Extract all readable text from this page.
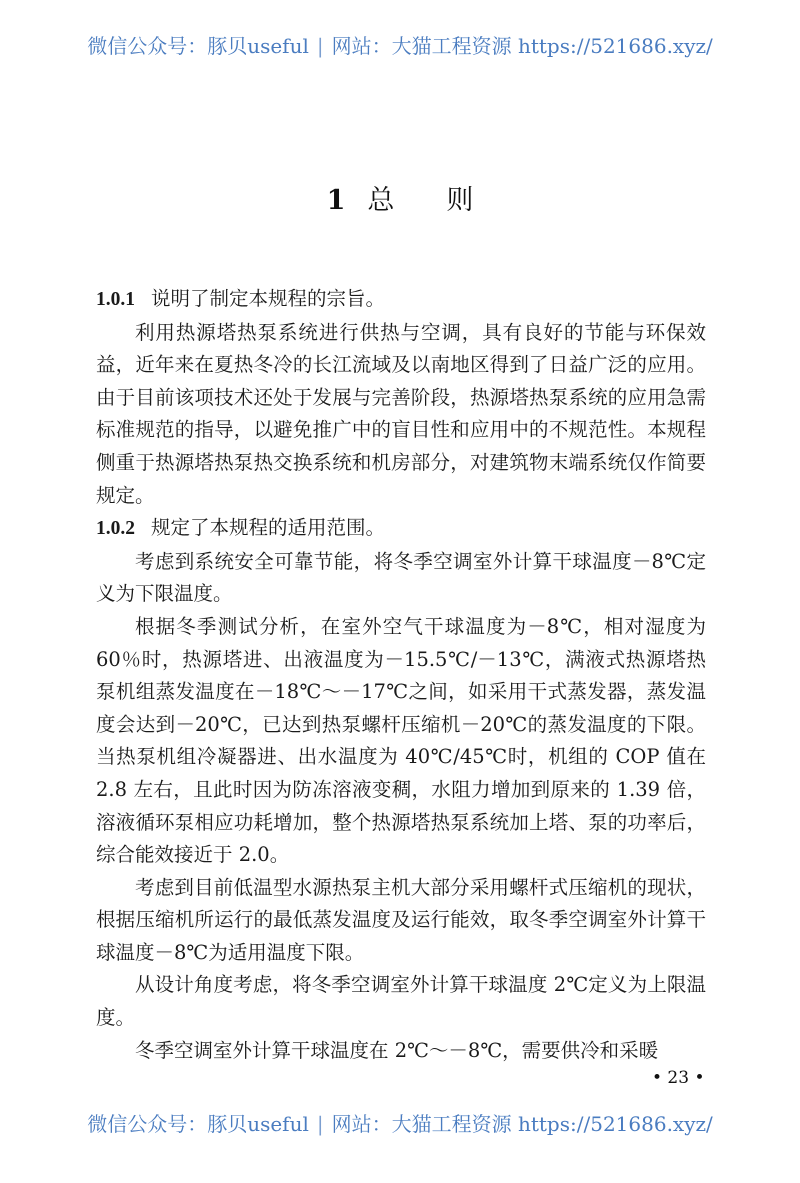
微信公众号：豚贝useful | 网站：大猫工程资源 https://521686.xyz/
1 总 则

1.0.1 说明了制定本规程的宗旨。

利用热源塔热泵系统进行供热与空调，具有良好的节能与环保效益，近年来在夏热冬冷的长江流域及以南地区得到了日益广泛的应用。由于目前该项技术还处于发展与完善阶段，热源塔热泵系统的应用急需标准规范的指导，以避免推广中的盲目性和应用中的不规范性。本规程侧重于热源塔热泵热交换系统和机房部分，对建筑物末端系统仅作简要规定。

1.0.2 规定了本规程的适用范围。

考虑到系统安全可靠节能，将冬季空调室外计算干球温度－8℃定义为下限温度。

根据冬季测试分析，在室外空气干球温度为－8℃，相对湿度为 60％时，热源塔进、出液温度为－15.5℃/－13℃，满液式热源塔热泵机组蒸发温度在－18℃～－17℃之间，如采用干式蒸发器，蒸发温度会达到－20℃，已达到热泵螺杆压缩机－20℃的蒸发温度的下限。当热泵机组冷凝器进、出水温度为 40℃/45℃时，机组的 COP 值在 2.8 左右，且此时因为防冻溶液变稠，水阻力增加到原来的 1.39 倍，溶液循环泵相应功耗增加，整个热源塔热泵系统加上塔、泵的功率后，综合能效接近于 2.0。

考虑到目前低温型水源热泵主机大部分采用螺杆式压缩机的现状，根据压缩机所运行的最低蒸发温度及运行能效，取冬季空调室外计算干球温度－8℃为适用温度下限。

从设计角度考虑，将冬季空调室外计算干球温度 2℃定义为上限温度。

冬季空调室外计算干球温度在 2℃～－8℃，需要供冷和采暖

• 23 •
微信公众号：豚贝useful | 网站：大猫工程资源 https://521686.xyz/
